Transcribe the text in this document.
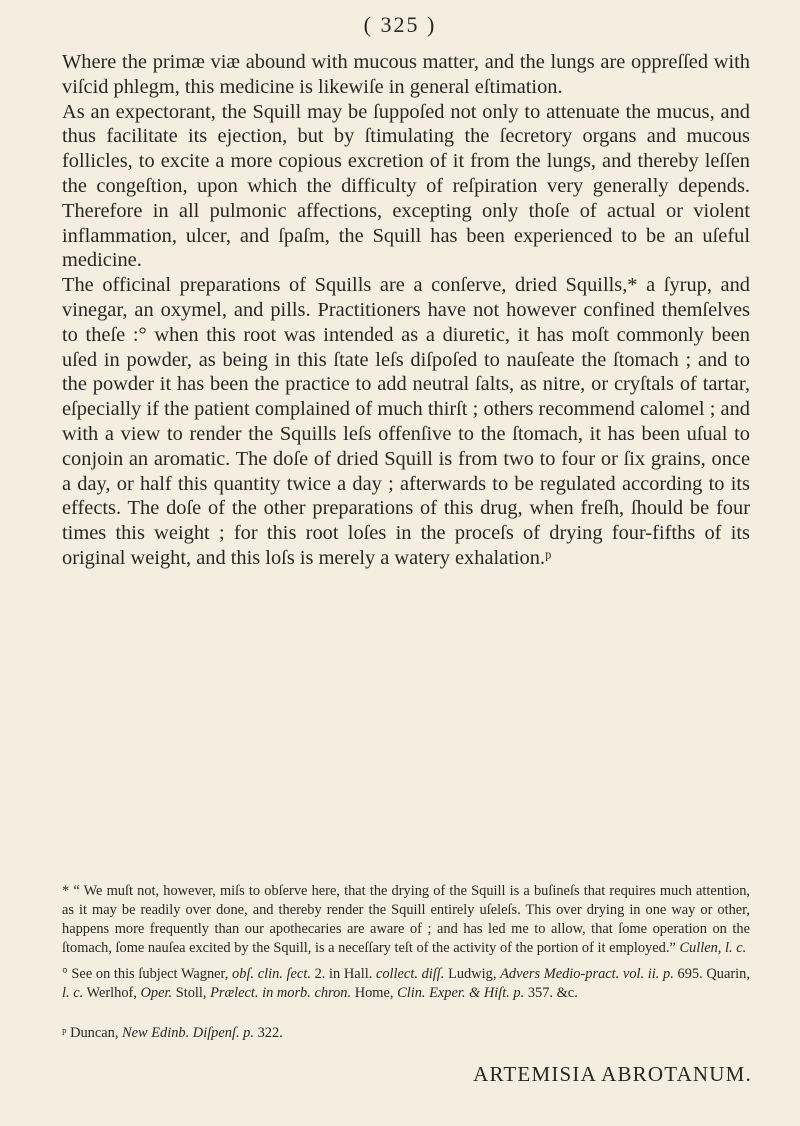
( 325 )

Where the primæ viæ abound with mucous matter, and the lungs are oppreſſed with viſcid phlegm, this medicine is likewiſe in general eſtimation.

As an expectorant, the Squill may be ſuppoſed not only to attenuate the mucus, and thus facilitate its ejection, but by ſtimulating the ſecretory organs and mucous follicles, to excite a more copious excretion of it from the lungs, and thereby leſſen the congeſtion, upon which the difficulty of reſpiration very generally depends. Therefore in all pulmonic affections, excepting only thoſe of actual or violent inflammation, ulcer, and ſpaſm, the Squill has been experienced to be an uſeful medicine.

The officinal preparations of Squills are a conſerve, dried Squills,* a ſyrup, and vinegar, an oxymel, and pills. Practitioners have not however confined themſelves to theſe :° when this root was intended as a diuretic, it has moſt commonly been uſed in powder, as being in this ſtate leſs diſpoſed to nauſeate the ſtomach ; and to the powder it has been the practice to add neutral ſalts, as nitre, or cryſtals of tartar, eſpecially if the patient complained of much thirſt ; others recommend calomel ; and with a view to render the Squills leſs offenſive to the ſtomach, it has been uſual to conjoin an aromatic. The doſe of dried Squill is from two to four or ſix grains, once a day, or half this quantity twice a day ; afterwards to be regulated according to its effects. The doſe of the other preparations of this drug, when freſh, ſhould be four times this weight ; for this root loſes in the proceſs of drying four-fifths of its original weight, and this loſs is merely a watery exhalation.ᵖ

* “ We muſt not, however, miſs to obſerve here, that the drying of the Squill is a buſineſs that requires much attention, as it may be readily over done, and thereby render the Squill entirely uſeleſs. This over drying in one way or other, happens more frequently than our apothecaries are aware of ; and has led me to allow, that ſome operation on the ſtomach, ſome nauſea excited by the Squill, is a neceſſary teſt of the activity of the portion of it employed.” Cullen, l. c.

° See on this ſubject Wagner, obſ. clin. ſect. 2. in Hall. collect. diſſ. Ludwig, Advers Medio-pract. vol. ii. p. 695. Quarin, l. c. Werlhof, Oper. Stoll, Prælect. in morb. chron. Home, Clin. Exper. & Hiſt. p. 357. &c.

ᵖ Duncan, New Edinb. Diſpenſ. p. 322.

ARTEMISIA ABROTANUM.
